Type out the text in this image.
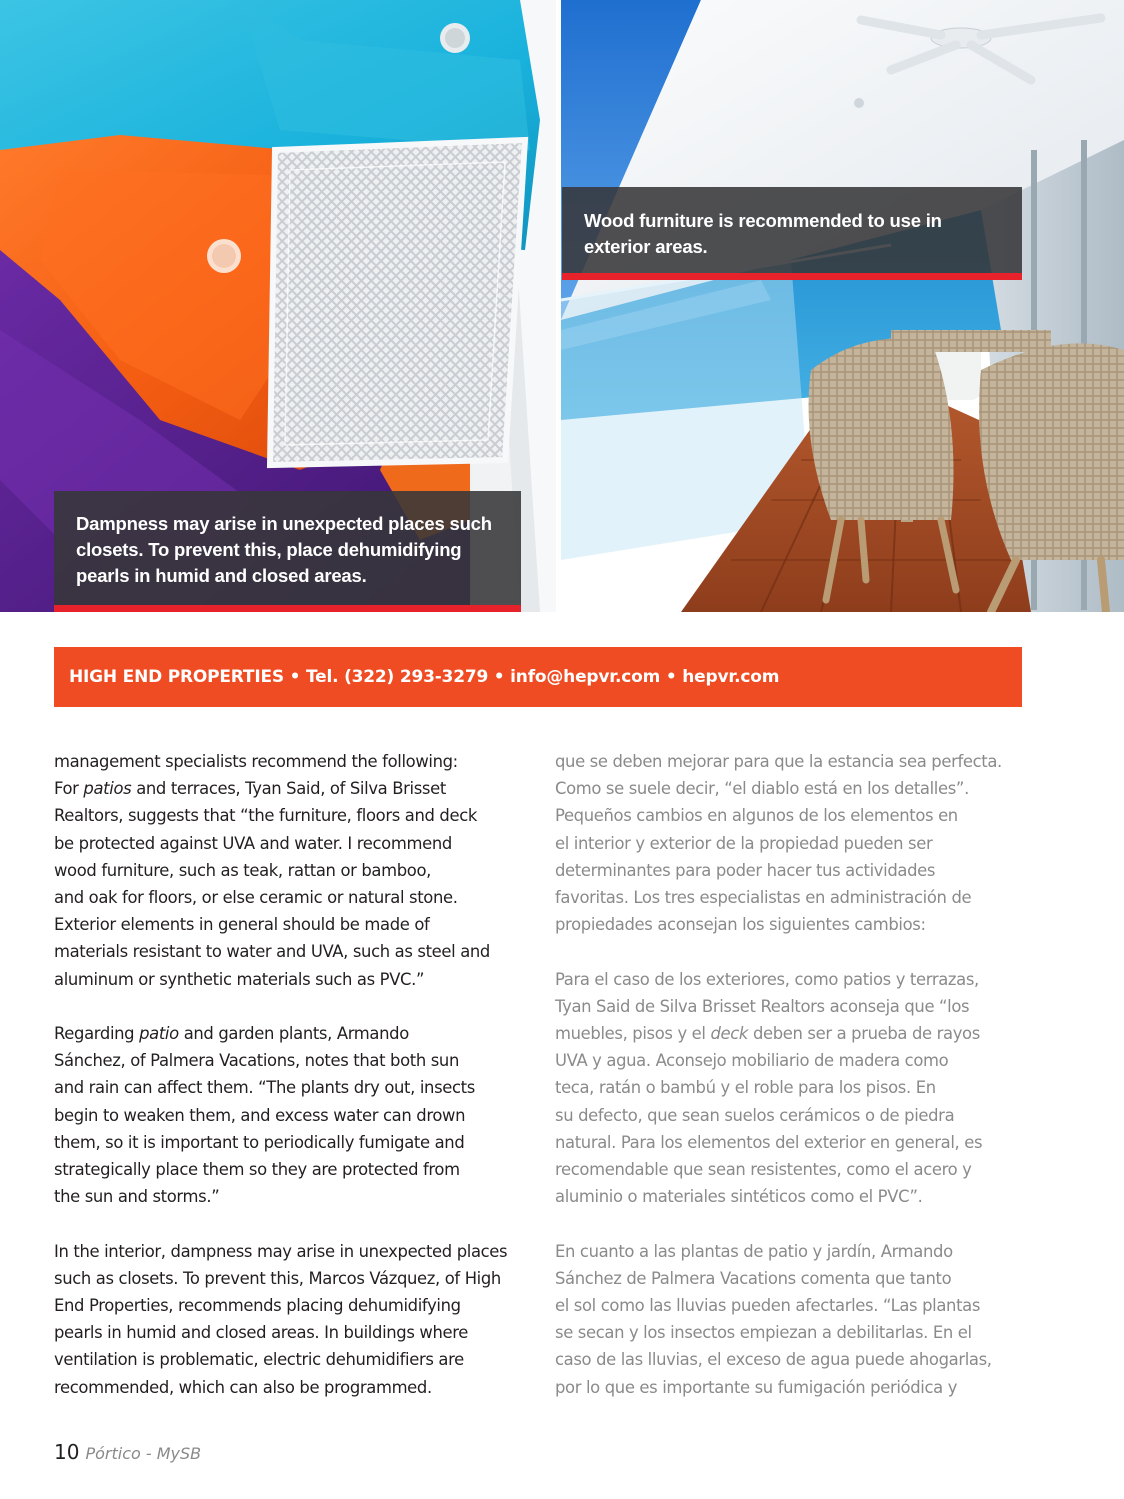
Dampness may arise in unexpected places such closets. To prevent this, place dehumidifying pearls in humid and closed areas.
Wood furniture is recommended to use in exterior areas.
HIGH END PROPERTIES • Tel. (322) 293-3279 • info@hepvr.com • hepvr.com

management specialists recommend the following:
For patios and terraces, Tyan Said, of Silva Brisset
Realtors, suggests that “the furniture, floors and deck
be protected against UVA and water. I recommend
wood furniture, such as teak, rattan or bamboo,
and oak for floors, or else ceramic or natural stone.
Exterior elements in general should be made of
materials resistant to water and UVA, such as steel and
aluminum or synthetic materials such as PVC.”

Regarding patio and garden plants, Armando
Sánchez, of Palmera Vacations, notes that both sun
and rain can affect them. “The plants dry out, insects
begin to weaken them, and excess water can drown
them, so it is important to periodically fumigate and
strategically place them so they are protected from
the sun and storms.”

In the interior, dampness may arise in unexpected places
such as closets. To prevent this, Marcos Vázquez, of High
End Properties, recommends placing dehumidifying
pearls in humid and closed areas. In buildings where
ventilation is problematic, electric dehumidifiers are
recommended, which can also be programmed.

que se deben mejorar para que la estancia sea perfecta.
Como se suele decir, “el diablo está en los detalles”.
Pequeños cambios en algunos de los elementos en
el interior y exterior de la propiedad pueden ser
determinantes para poder hacer tus actividades
favoritas. Los tres especialistas en administración de
propiedades aconsejan los siguientes cambios:

Para el caso de los exteriores, como patios y terrazas,
Tyan Said de Silva Brisset Realtors aconseja que “los
muebles, pisos y el deck deben ser a prueba de rayos
UVA y agua. Aconsejo mobiliario de madera como
teca, ratán o bambú y el roble para los pisos. En
su defecto, que sean suelos cerámicos o de piedra
natural. Para los elementos del exterior en general, es
recomendable que sean resistentes, como el acero y
aluminio o materiales sintéticos como el PVC”.

En cuanto a las plantas de patio y jardín, Armando
Sánchez de Palmera Vacations comenta que tanto
el sol como las lluvias pueden afectarles. “Las plantas
se secan y los insectos empiezan a debilitarlas. En el
caso de las lluvias, el exceso de agua puede ahogarlas,
por lo que es importante su fumigación periódica y

10 Pórtico - MySB
